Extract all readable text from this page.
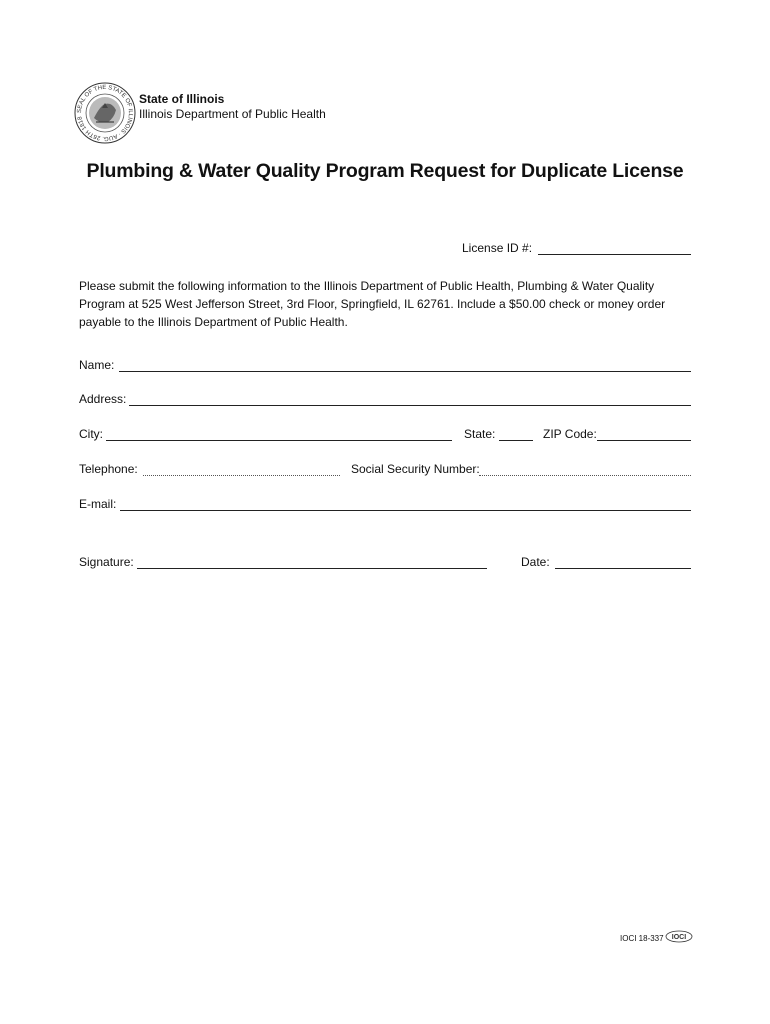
SEAL OF THE STATE OF ILLINOIS · AUG. 26TH 1818
State of Illinois
Illinois Department of Public Health
Plumbing & Water Quality Program Request for Duplicate License
License ID #:
Please submit the following information to the Illinois Department of Public Health, Plumbing & Water Quality Program at 525 West Jefferson Street, 3rd Floor, Springfield, IL 62761. Include a $50.00 check or money order payable to the Illinois Department of Public Health.
Name:
Address:
City:	State:	ZIP Code:
Telephone:	Social Security Number:
E-mail:
Signature:	Date:
IOCI 18-337 IOCI
